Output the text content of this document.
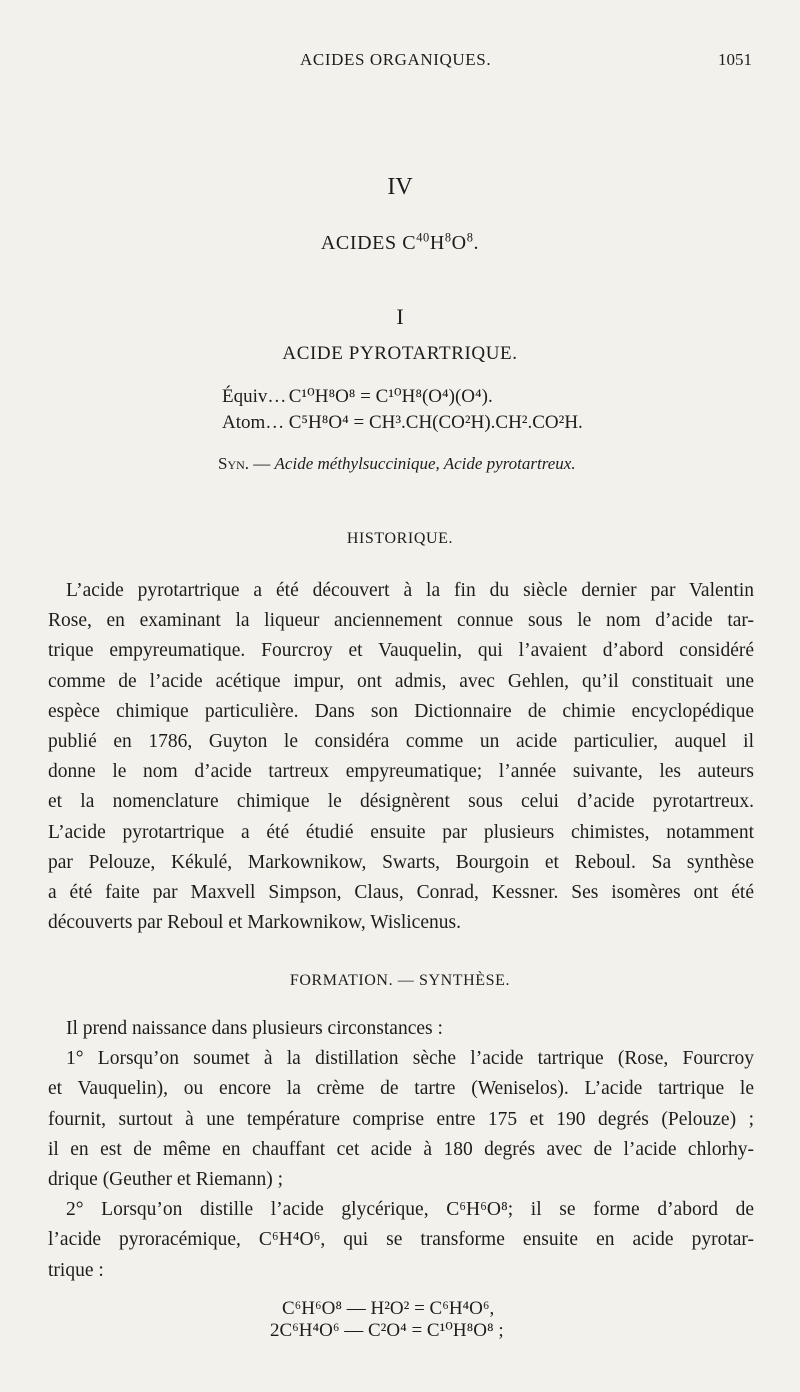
ACIDES ORGANIQUES.	1051
IV
ACIDES $C^{40}H^8O^8$.
I
ACIDE PYROTARTRIQUE.
Équiv… C¹⁰H⁸O⁸ = C¹⁰H⁸(O⁴)(O⁴).
Atom… C⁵H⁸O⁴ = CH³.CH(CO²H).CH².CO²H.
Syn. — Acide méthylsuccinique, Acide pyrotartreux.
HISTORIQUE.
L’acide pyrotartrique a été découvert à la fin du siècle dernier par Valentin
Rose, en examinant la liqueur anciennement connue sous le nom d’acide tar-
trique empyreumatique. Fourcroy et Vauquelin, qui l’avaient d’abord considéré
comme de l’acide acétique impur, ont admis, avec Gehlen, qu’il constituait une
espèce chimique particulière. Dans son Dictionnaire de chimie encyclopédique
publié en 1786, Guyton le considéra comme un acide particulier, auquel il
donne le nom d’acide tartreux empyreumatique; l’année suivante, les auteurs
et la nomenclature chimique le désignèrent sous celui d’acide pyrotartreux.
L’acide pyrotartrique a été étudié ensuite par plusieurs chimistes, notamment
par Pelouze, Kékulé, Markownikow, Swarts, Bourgoin et Reboul. Sa synthèse
a été faite par Maxvell Simpson, Claus, Conrad, Kessner. Ses isomères ont été
découverts par Reboul et Markownikow, Wislicenus.
FORMATION. — SYNTHÈSE.
Il prend naissance dans plusieurs circonstances :
1° Lorsqu’on soumet à la distillation sèche l’acide tartrique (Rose, Fourcroy
et Vauquelin), ou encore la crème de tartre (Weniselos). L’acide tartrique le
fournit, surtout à une température comprise entre 175 et 190 degrés (Pelouze) ;
il en est de même en chauffant cet acide à 180 degrés avec de l’acide chlorhy-
drique (Geuther et Riemann) ;
2° Lorsqu’on distille l’acide glycérique, C⁶H⁶O⁸; il se forme d’abord de
l’acide pyroracémique, C⁶H⁴O⁶, qui se transforme ensuite en acide pyrotar-
trique :
C⁶H⁶O⁸ — H²O² = C⁶H⁴O⁶,
2C⁶H⁴O⁶ — C²O⁴ = C¹⁰H⁸O⁸ ;
